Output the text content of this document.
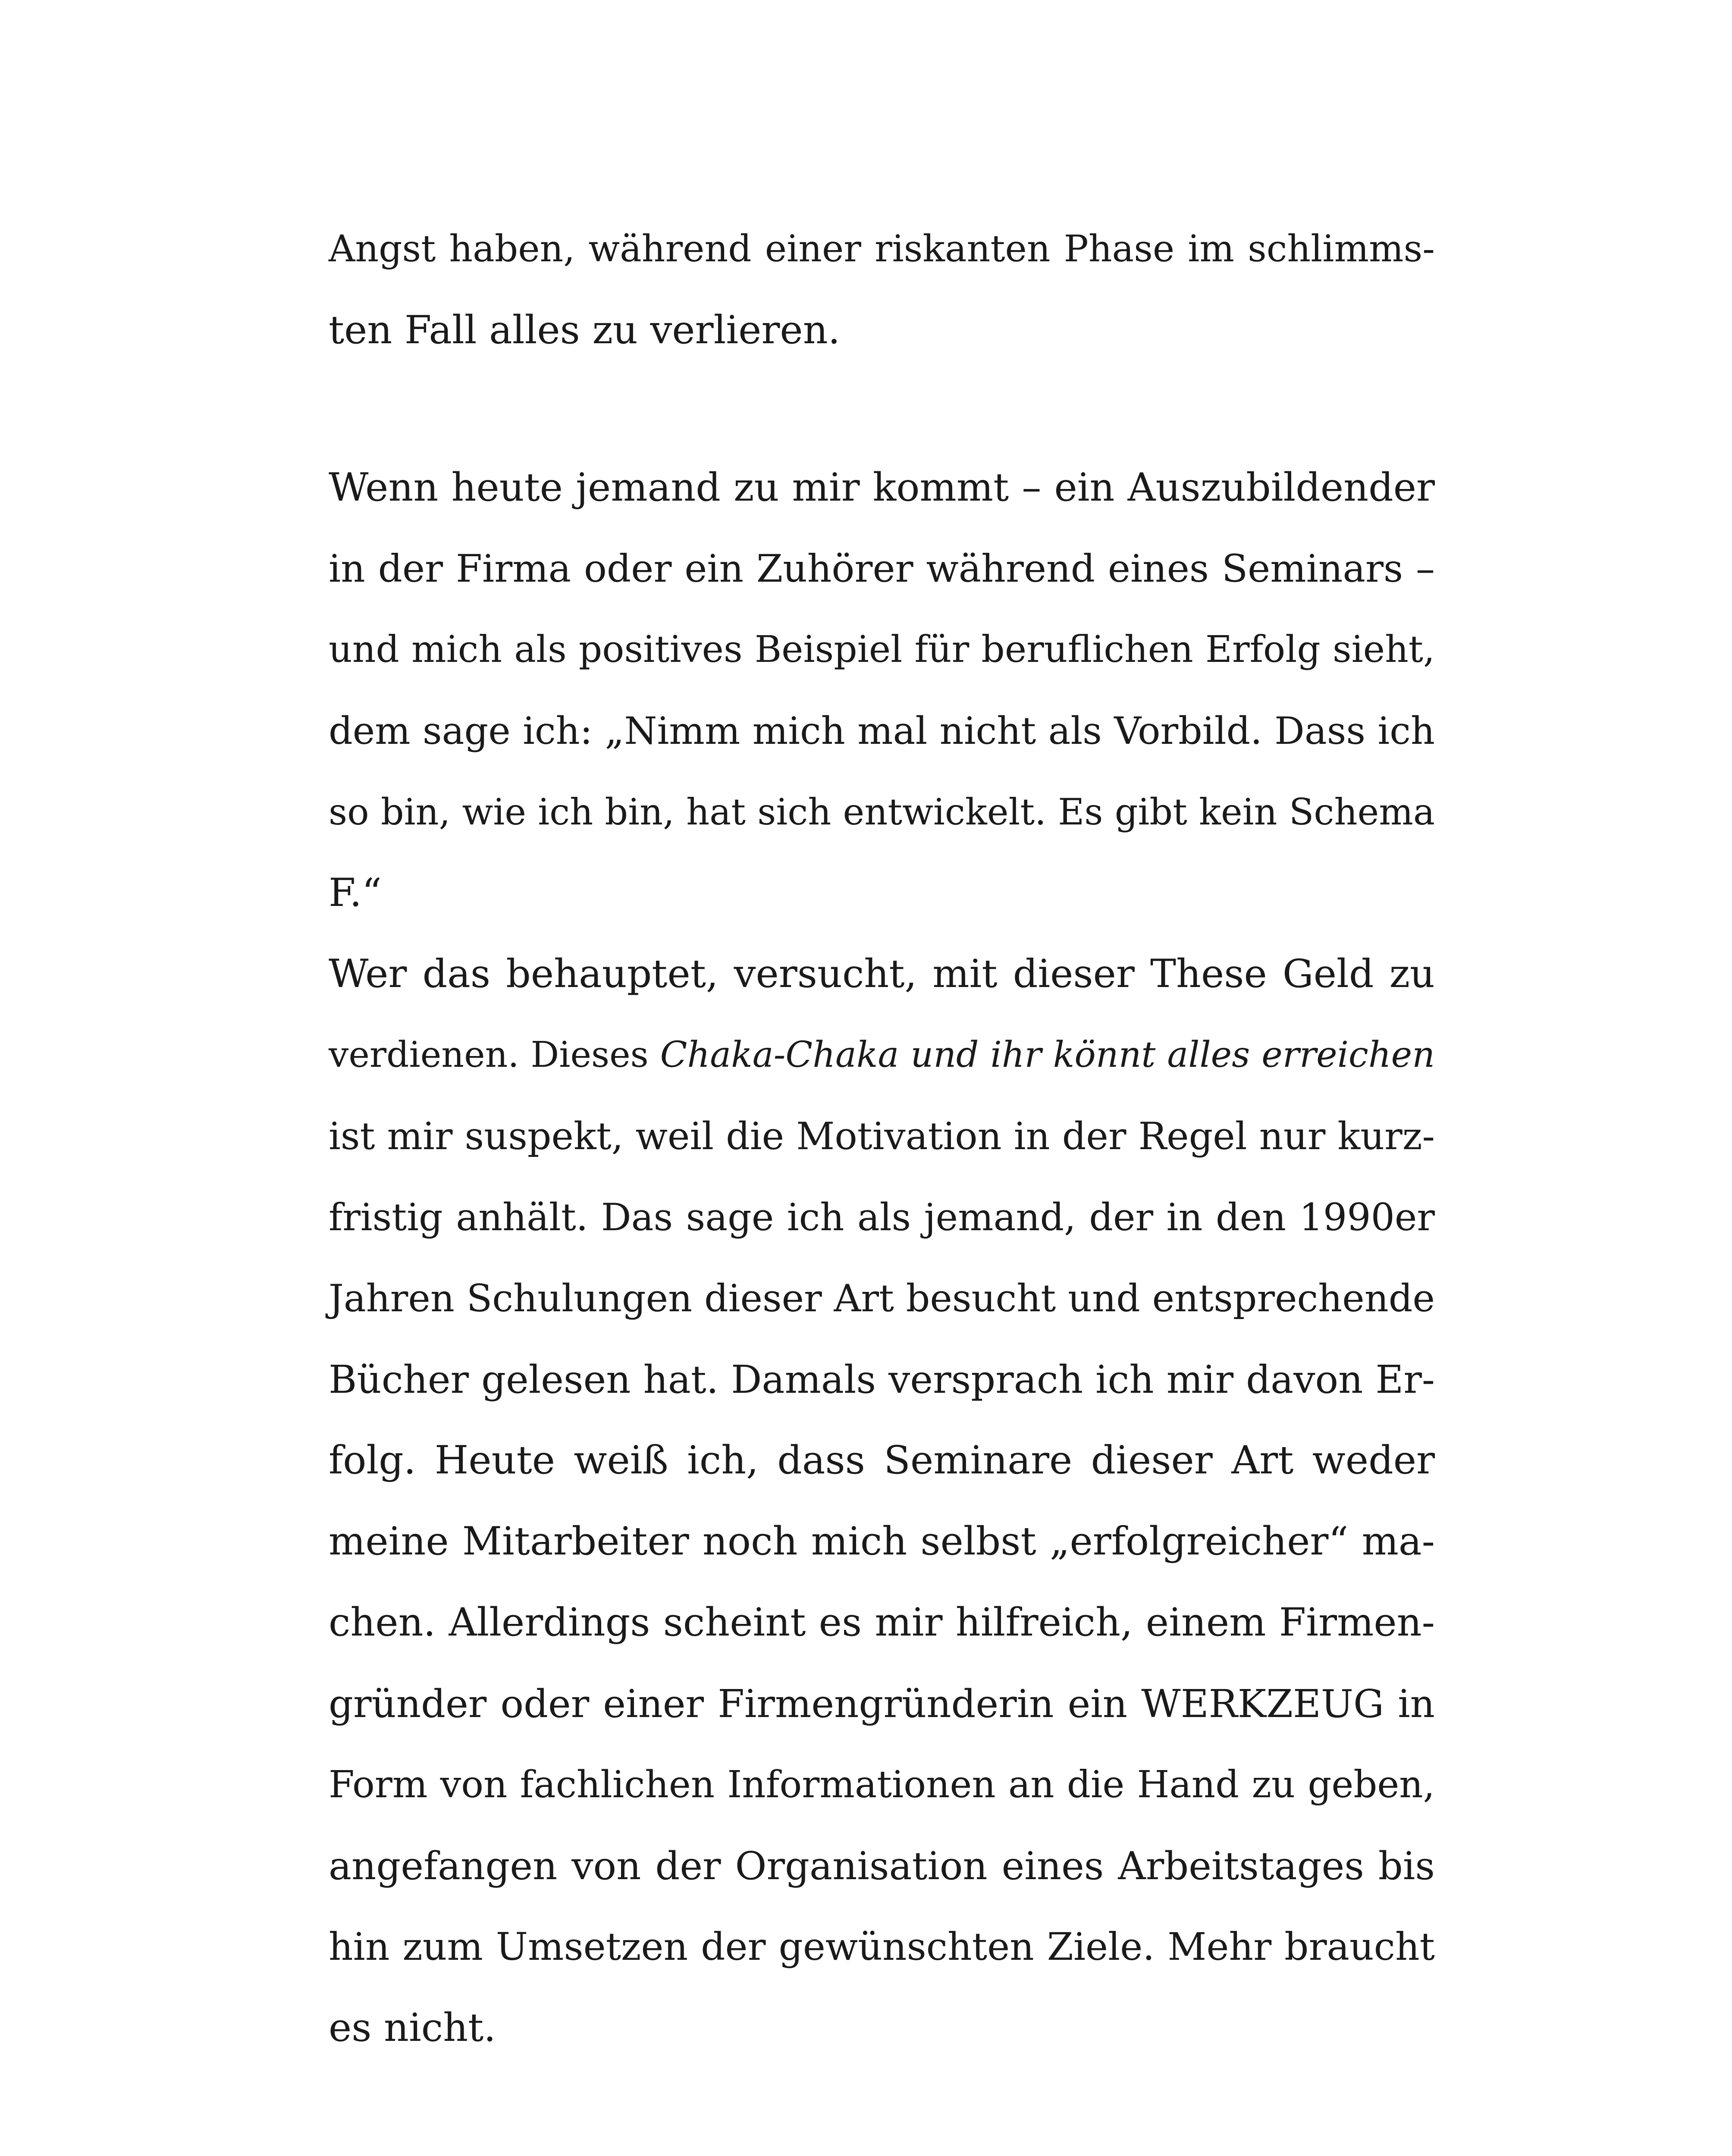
Angst haben, während einer riskanten Phase im schlimms-
ten Fall alles zu verlieren.
Wenn heute jemand zu mir kommt – ein Auszubildender
in der Firma oder ein Zuhörer während eines Seminars –
und mich als positives Beispiel für beruflichen Erfolg sieht,
dem sage ich: „Nimm mich mal nicht als Vorbild. Dass ich
so bin, wie ich bin, hat sich entwickelt. Es gibt kein Schema
F.“
Wer das behauptet, versucht, mit dieser These Geld zu
verdienen. Dieses Chaka-Chaka und ihr könnt alles erreichen
ist mir suspekt, weil die Motivation in der Regel nur kurz-
fristig anhält. Das sage ich als jemand, der in den 1990er
Jahren Schulungen dieser Art besucht und entsprechende
Bücher gelesen hat. Damals versprach ich mir davon Er-
folg. Heute weiß ich, dass Seminare dieser Art weder
meine Mitarbeiter noch mich selbst „erfolgreicher“ ma-
chen. Allerdings scheint es mir hilfreich, einem Firmen-
gründer oder einer Firmengründerin ein WERKZEUG in
Form von fachlichen Informationen an die Hand zu geben,
angefangen von der Organisation eines Arbeitstages bis
hin zum Umsetzen der gewünschten Ziele. Mehr braucht
es nicht.
